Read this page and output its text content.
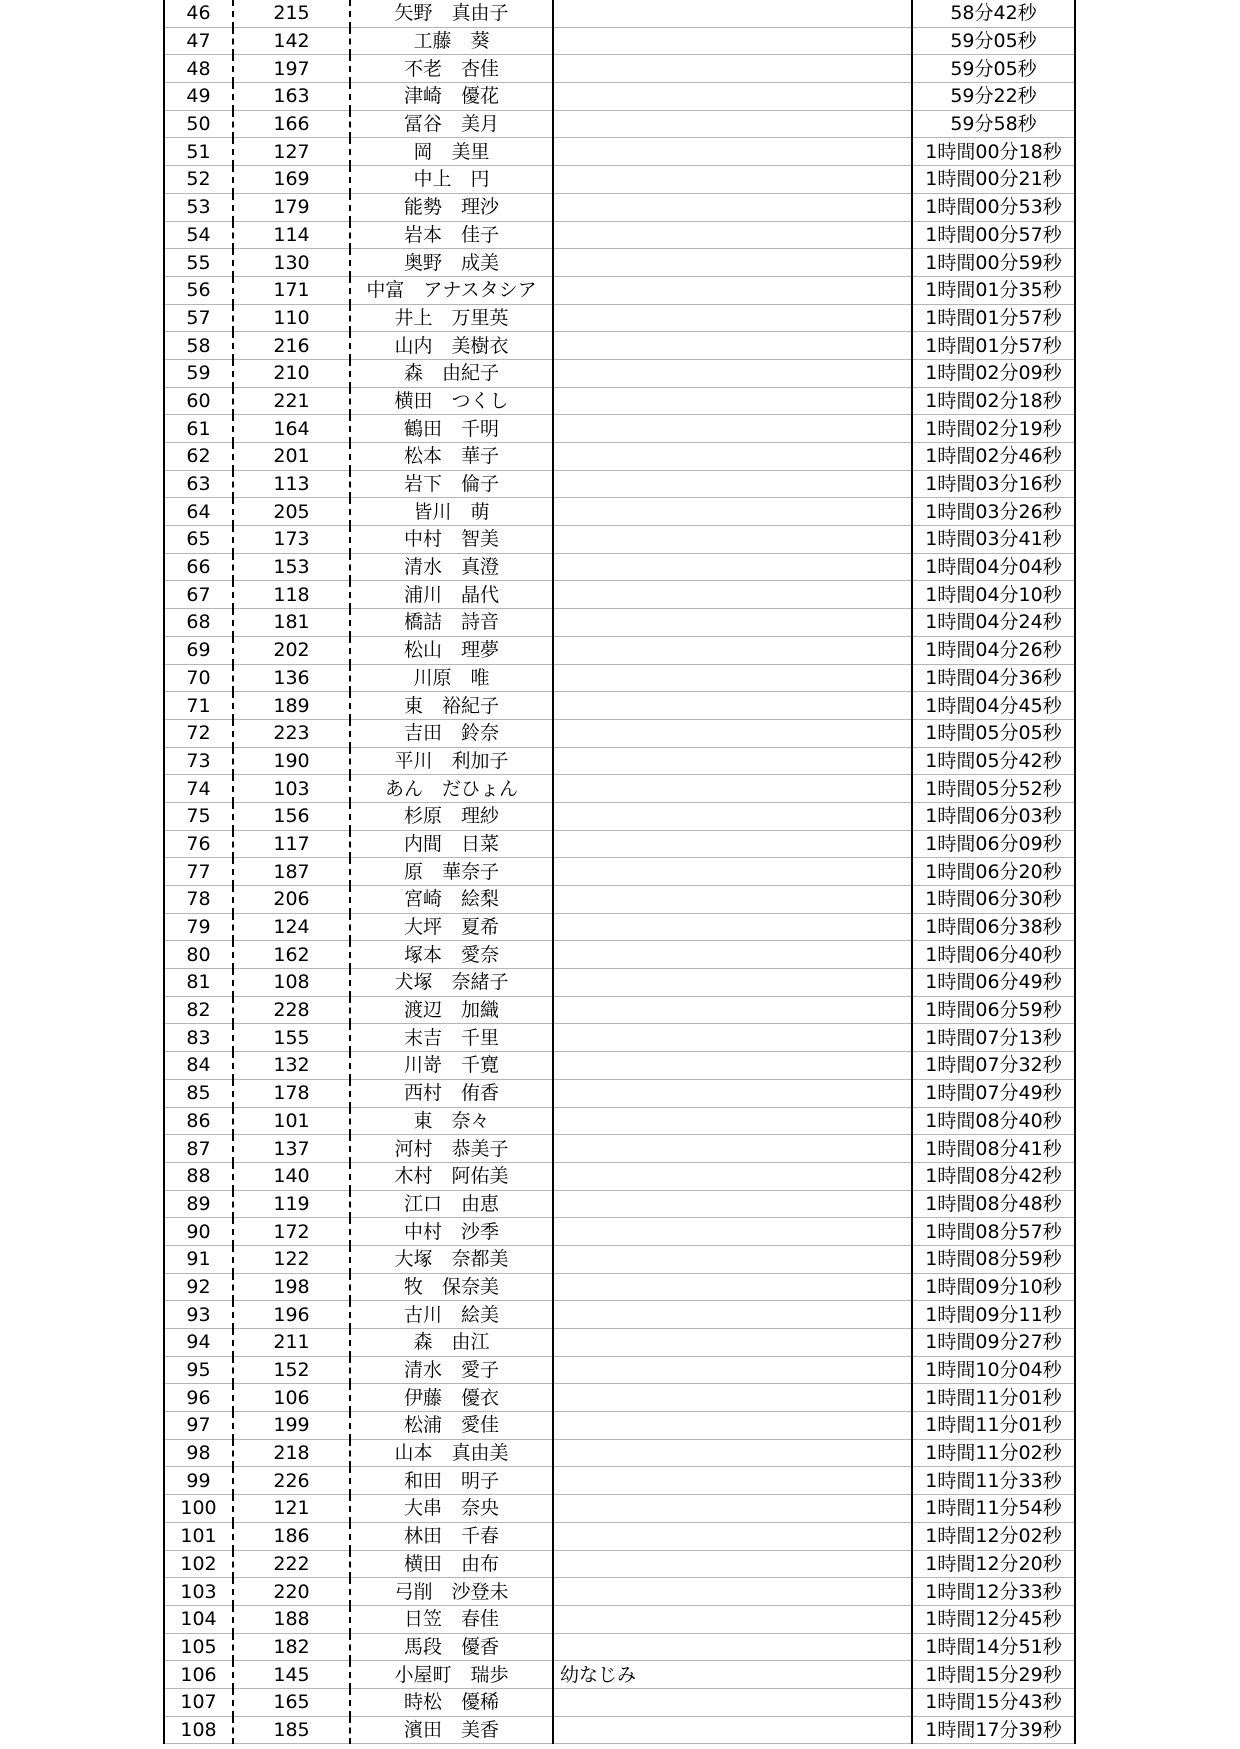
46	215	矢野　真由子		58分42秒
47	142	工藤　葵		59分05秒
48	197	不老　杏佳		59分05秒
49	163	津崎　優花		59分22秒
50	166	冨谷　美月		59分58秒
51	127	岡　美里		1時間00分18秒
52	169	中上　円		1時間00分21秒
53	179	能勢　理沙		1時間00分53秒
54	114	岩本　佳子		1時間00分57秒
55	130	奥野　成美		1時間00分59秒
56	171	中富　アナスタシア		1時間01分35秒
57	110	井上　万里英		1時間01分57秒
58	216	山内　美樹衣		1時間01分57秒
59	210	森　由紀子		1時間02分09秒
60	221	横田　つくし		1時間02分18秒
61	164	鶴田　千明		1時間02分19秒
62	201	松本　華子		1時間02分46秒
63	113	岩下　倫子		1時間03分16秒
64	205	皆川　萌		1時間03分26秒
65	173	中村　智美		1時間03分41秒
66	153	清水　真澄		1時間04分04秒
67	118	浦川　晶代		1時間04分10秒
68	181	橋詰　詩音		1時間04分24秒
69	202	松山　理夢		1時間04分26秒
70	136	川原　唯		1時間04分36秒
71	189	東　裕紀子		1時間04分45秒
72	223	吉田　鈴奈		1時間05分05秒
73	190	平川　利加子		1時間05分42秒
74	103	あん　だひょん		1時間05分52秒
75	156	杉原　理紗		1時間06分03秒
76	117	内間　日菜		1時間06分09秒
77	187	原　華奈子		1時間06分20秒
78	206	宮崎　絵梨		1時間06分30秒
79	124	大坪　夏希		1時間06分38秒
80	162	塚本　愛奈		1時間06分40秒
81	108	犬塚　奈緒子		1時間06分49秒
82	228	渡辺　加織		1時間06分59秒
83	155	末吉　千里		1時間07分13秒
84	132	川嵜　千寛		1時間07分32秒
85	178	西村　侑香		1時間07分49秒
86	101	東　奈々		1時間08分40秒
87	137	河村　恭美子		1時間08分41秒
88	140	木村　阿佑美		1時間08分42秒
89	119	江口　由恵		1時間08分48秒
90	172	中村　沙季		1時間08分57秒
91	122	大塚　奈都美		1時間08分59秒
92	198	牧　保奈美		1時間09分10秒
93	196	古川　絵美		1時間09分11秒
94	211	森　由江		1時間09分27秒
95	152	清水　愛子		1時間10分04秒
96	106	伊藤　優衣		1時間11分01秒
97	199	松浦　愛佳		1時間11分01秒
98	218	山本　真由美		1時間11分02秒
99	226	和田　明子		1時間11分33秒
100	121	大串　奈央		1時間11分54秒
101	186	林田　千春		1時間12分02秒
102	222	横田　由布		1時間12分20秒
103	220	弓削　沙登未		1時間12分33秒
104	188	日笠　春佳		1時間12分45秒
105	182	馬段　優香		1時間14分51秒
106	145	小屋町　瑞歩	幼なじみ	1時間15分29秒
107	165	時松　優稀		1時間15分43秒
108	185	濱田　美香		1時間17分39秒
